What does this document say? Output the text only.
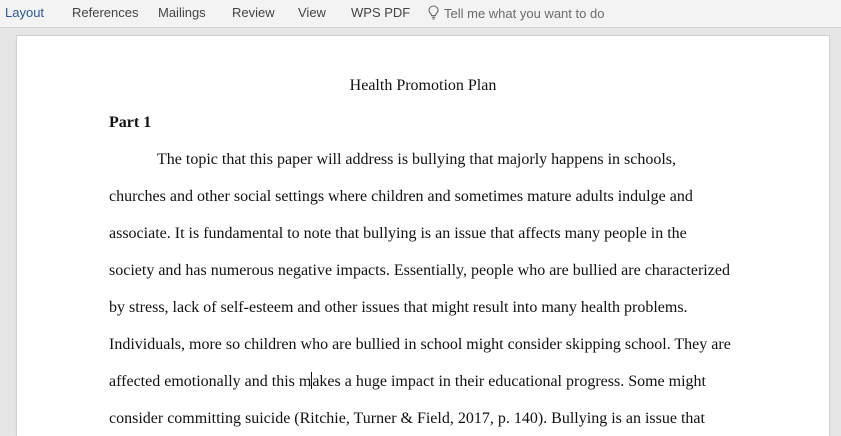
Layout References Mailings Review View WPS PDF	Tell me what you want to do
Health Promotion Plan
Part 1
The topic that this paper will address is bullying that majorly happens in schools,
churches and other social settings where children and sometimes mature adults indulge and
associate. It is fundamental to note that bullying is an issue that affects many people in the
society and has numerous negative impacts. Essentially, people who are bullied are characterized
by stress, lack of self-esteem and other issues that might result into many health problems.
Individuals, more so children who are bullied in school might consider skipping school. They are
affected emotionally and this makes a huge impact in their educational progress. Some might
consider committing suicide (Ritchie, Turner & Field, 2017, p. 140). Bullying is an issue that
